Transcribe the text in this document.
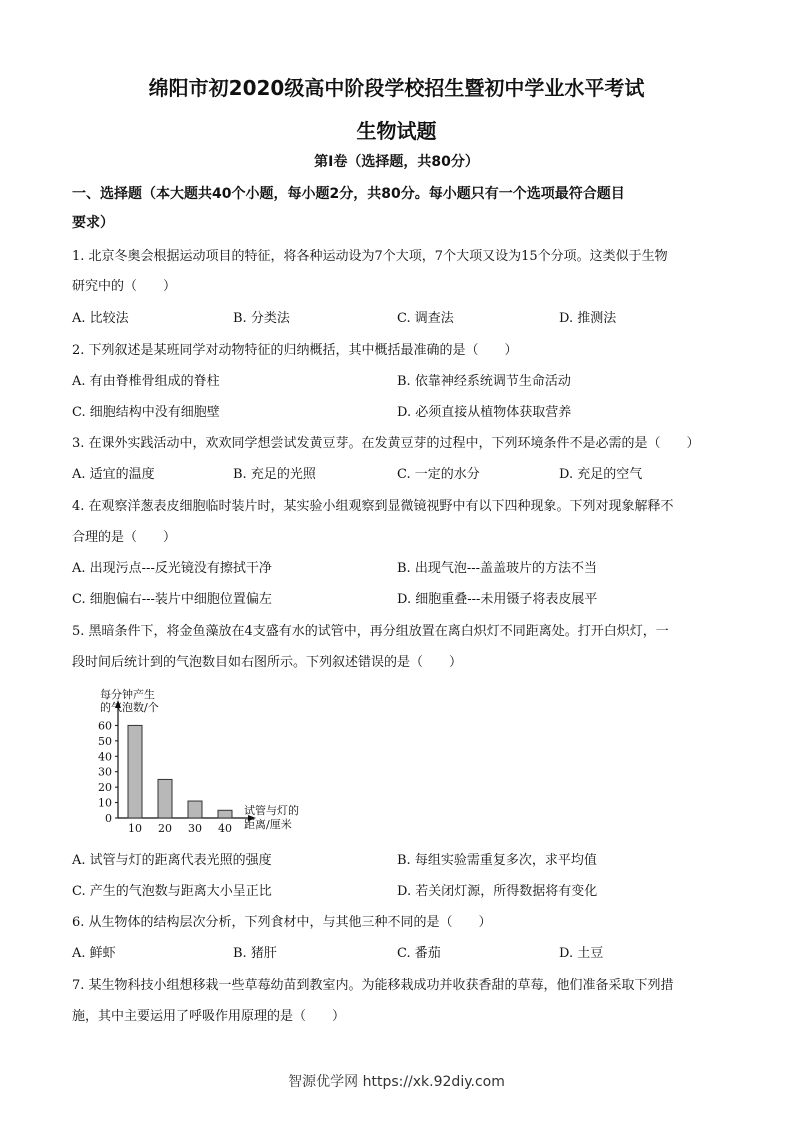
绵阳市初2020级高中阶段学校招生暨初中学业水平考试
生物试题
第Ⅰ卷（选择题，共80分）
一、选择题（本大题共40个小题，每小题2分，共80分。每小题只有一个选项最符合题目
要求）
1. 北京冬奥会根据运动项目的特征，将各种运动设为7个大项，7个大项又设为15个分项。这类似于生物
研究中的（　　）
A. 比较法	B. 分类法	C. 调查法	D. 推测法
2. 下列叙述是某班同学对动物特征的归纳概括，其中概括最准确的是（　　）
A. 有由脊椎骨组成的脊柱	B. 依靠神经系统调节生命活动
C. 细胞结构中没有细胞壁	D. 必须直接从植物体获取营养
3. 在课外实践活动中，欢欢同学想尝试发黄豆芽。在发黄豆芽的过程中，下列环境条件不是必需的是（　　）
A. 适宜的温度	B. 充足的光照	C. 一定的水分	D. 充足的空气
4. 在观察洋葱表皮细胞临时装片时，某实验小组观察到显微镜视野中有以下四种现象。下列对现象解释不
合理的是（　　）
A. 出现污点---反光镜没有擦拭干净	B. 出现气泡---盖盖玻片的方法不当
C. 细胞偏右---装片中细胞位置偏左	D. 细胞重叠---未用镊子将表皮展平
5. 黑暗条件下，将金鱼藻放在4支盛有水的试管中，再分组放置在离白炽灯不同距离处。打开白炽灯，一
段时间后统计到的气泡数目如右图所示。下列叙述错误的是（　　）
0
10
20
30
40
50
60
每分钟产生
的气泡数/个
10 20 30 40
试管与灯的
距离/厘米
A. 试管与灯的距离代表光照的强度	B. 每组实验需重复多次，求平均值
C. 产生的气泡数与距离大小呈正比	D. 若关闭灯源，所得数据将有变化
6. 从生物体的结构层次分析，下列食材中，与其他三种不同的是（　　）
A. 鲜虾	B. 猪肝	C. 番茄	D. 土豆
7. 某生物科技小组想移栽一些草莓幼苗到教室内。为能移栽成功并收获香甜的草莓，他们准备采取下列措
施，其中主要运用了呼吸作用原理的是（　　）
智源优学网 https://xk.92diy.com
